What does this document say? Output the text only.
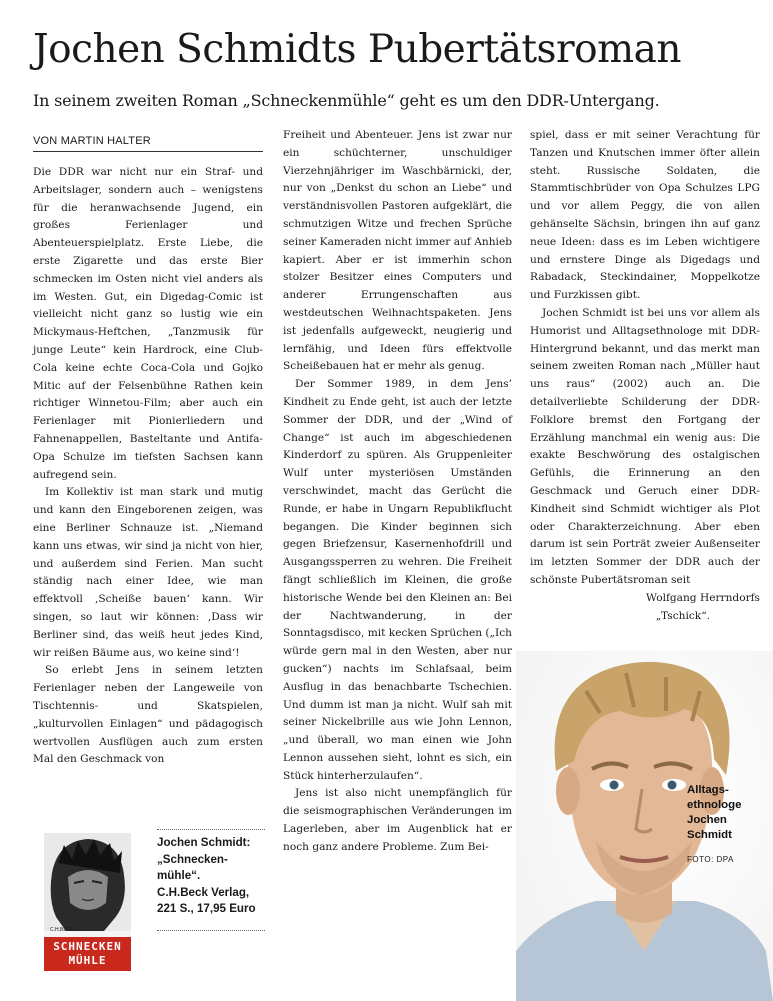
Jochen Schmidts Pubertätsroman
In seinem zweiten Roman „Schneckenmühle“ geht es um den DDR-Untergang.
VON MARTIN HALTER

Die DDR war nicht nur ein Straf- und Arbeitslager, sondern auch – wenigstens für die heranwachsende Jugend, ein großes Ferienlager und Abenteuerspielplatz. Erste Liebe, die erste Zigarette und das erste Bier schmecken im Osten nicht viel anders als im Westen. Gut, ein Digedag-Comic ist vielleicht nicht ganz so lustig wie ein Mickymaus-Heftchen, „Tanzmusik für junge Leute“ kein Hardrock, eine Club-Cola keine echte Coca-Cola und Gojko Mitic auf der Felsenbühne Rathen kein richtiger Winnetou-Film; aber auch ein Ferienlager mit Pionierliedern und Fahnenappellen, Basteltante und Antifa-Opa Schulze im tiefsten Sachsen kann aufregend sein.

Im Kollektiv ist man stark und mutig und kann den Eingeborenen zeigen, was eine Berliner Schnauze ist. „Niemand kann uns etwas, wir sind ja nicht von hier, und außerdem sind Ferien. Man sucht ständig nach einer Idee, wie man effektvoll ,Scheiße bauen‘ kann. Wir singen, so laut wir können: ,Dass wir Berliner sind, das weiß heut jedes Kind, wir reißen Bäume aus, wo keine sind‘!

So erlebt Jens in seinem letzten Ferienlager neben der Langeweile von Tischtennis- und Skatspielen, „kulturvollen Einlagen“ und pädagogisch wertvollen Ausflügen auch zum ersten Mal den Geschmack von

Freiheit und Abenteuer. Jens ist zwar nur ein schüchterner, unschuldiger Vierzehnjähriger im Waschbärnicki, der, nur von „Denkst du schon an Liebe“ und verständnisvollen Pastoren aufgeklärt, die schmutzigen Witze und frechen Sprüche seiner Kameraden nicht immer auf Anhieb kapiert. Aber er ist immerhin schon stolzer Besitzer eines Computers und anderer Errungenschaften aus westdeutschen Weihnachtspaketen. Jens ist jedenfalls aufgeweckt, neugierig und lernfähig, und Ideen fürs effektvolle Scheißebauen hat er mehr als genug.

Der Sommer 1989, in dem Jens’ Kindheit zu Ende geht, ist auch der letzte Sommer der DDR, und der „Wind of Change“ ist auch im abgeschiedenen Kinderdorf zu spüren. Als Gruppenleiter Wulf unter mysteriösen Umständen verschwindet, macht das Gerücht die Runde, er habe in Ungarn Republikflucht begangen. Die Kinder beginnen sich gegen Briefzensur, Kasernenhofdrill und Ausgangssperren zu wehren. Die Freiheit fängt schließlich im Kleinen, die große historische Wende bei den Kleinen an: Bei der Nachtwanderung, in der Sonntagsdisco, mit kecken Sprüchen („Ich würde gern mal in den Westen, aber nur gucken“) nachts im Schlafsaal, beim Ausflug in das benachbarte Tschechien. Und dumm ist man ja nicht. Wulf sah mit seiner Nickelbrille aus wie John Lennon, „und überall, wo man einen wie John Lennon aussehen sieht, lohnt es sich, ein Stück hinterherzulaufen“.

Jens ist also nicht unempfänglich für die seismographischen Veränderungen im Lagerleben, aber im Augenblick hat er noch ganz andere Probleme. Zum Bei-

spiel, dass er mit seiner Verachtung für Tanzen und Knutschen immer öfter allein steht. Russische Soldaten, die Stammtischbrüder von Opa Schulzes LPG und vor allem Peggy, die von allen gehänselte Sächsin, bringen ihn auf ganz neue Ideen: dass es im Leben wichtigere und ernstere Dinge als Digedags und Rabadack, Steckindainer, Moppelkotze und Furzkissen gibt.

Jochen Schmidt ist bei uns vor allem als Humorist und Alltagsethnologe mit DDR-Hintergrund bekannt, und das merkt man seinem zweiten Roman nach „Müller haut uns raus“ (2002) auch an. Die detailverliebte Schilderung der DDR-Folklore bremst den Fortgang der Erzählung manchmal ein wenig aus: Die exakte Beschwörung des ostalgischen Gefühls, die Erinnerung an den Geschmack und Geruch einer DDR-Kindheit sind Schmidt wichtiger als Plot oder Charakterzeichnung. Aber eben darum ist sein Porträt zweier Außenseiter im letzten Sommer der DDR auch der schönste Pubertätsroman seit

Wolfgang Herrndorfs

„Tschick“.

C.H.BECK
SCHNECKEN
MÜHLE
Jochen Schmidt:
„Schnecken-
mühle“.
C.H.Beck Verlag,
221 S., 17,95 Euro
Alltags-
ethnologe
Jochen
Schmidt
FOTO: DPA
